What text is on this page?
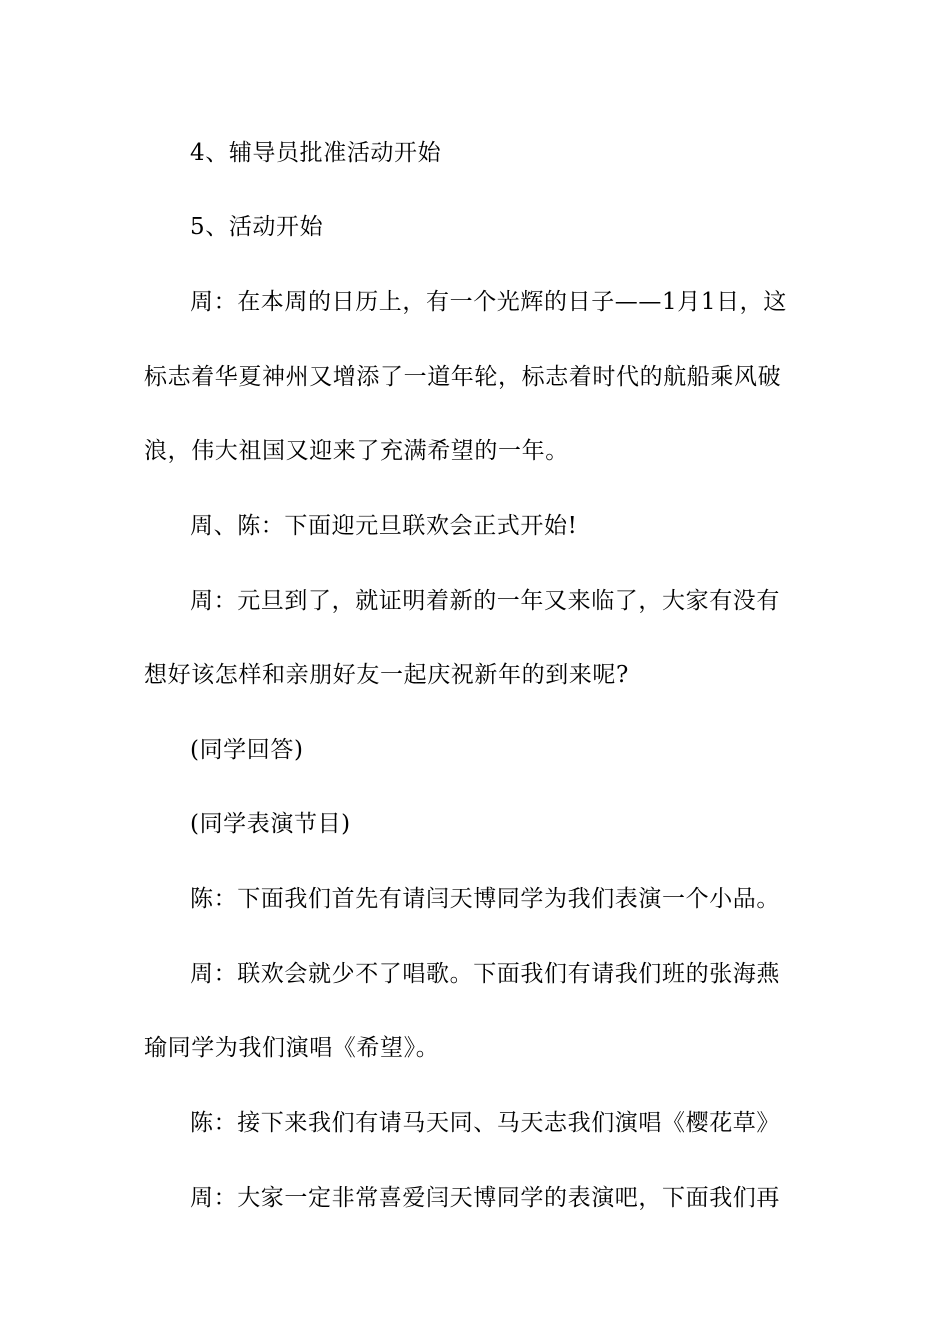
4、辅导员批准活动开始
5、活动开始
周：在本周的日历上，有一个光辉的日子——1月1日，这
标志着华夏神州又增添了一道年轮，标志着时代的航船乘风破
浪，伟大祖国又迎来了充满希望的一年。
周、陈：下面迎元旦联欢会正式开始!
周：元旦到了，就证明着新的一年又来临了，大家有没有
想好该怎样和亲朋好友一起庆祝新年的到来呢?
(同学回答)
(同学表演节目)
陈：下面我们首先有请闫天博同学为我们表演一个小品。
周：联欢会就少不了唱歌。下面我们有请我们班的张海燕
瑜同学为我们演唱《希望》。
陈：接下来我们有请马天同、马天志我们演唱《樱花草》
周：大家一定非常喜爱闫天博同学的表演吧，下面我们再
